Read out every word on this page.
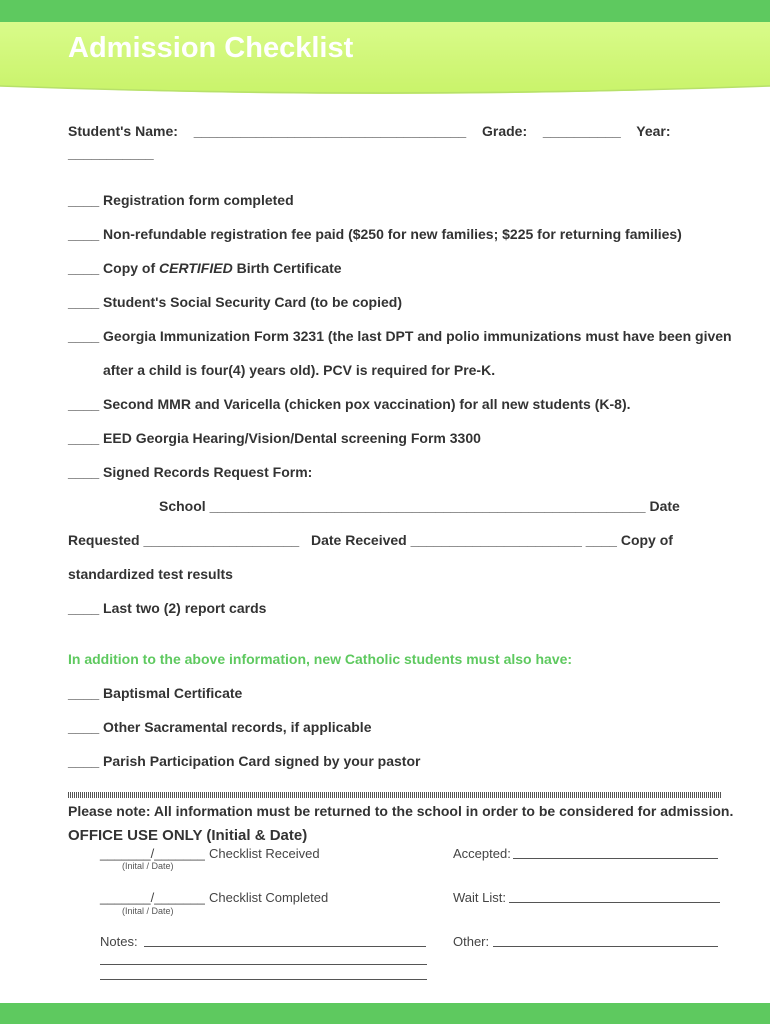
Admission Checklist
Student's Name: ___________________________________ Grade: __________ Year:
___________
____ Registration form completed
____ Non-refundable registration fee paid ($250 for new families; $225 for returning families)
____ Copy of CERTIFIED Birth Certificate
____ Student's Social Security Card (to be copied)
____ Georgia Immunization Form 3231 (the last DPT and polio immunizations must have been given
after a child is four(4) years old). PCV is required for Pre-K.
____ Second MMR and Varicella (chicken pox vaccination) for all new students (K-8).
____ EED Georgia Hearing/Vision/Dental screening Form 3300
____ Signed Records Request Form:
School ________________________________________________________ Date
Requested ____________________ Date Received ______________________ ____ Copy of
standardized test results
____ Last two (2) report cards
In addition to the above information, new Catholic students must also have:
____ Baptismal Certificate
____ Other Sacramental records, if applicable
____ Parish Participation Card signed by your pastor
Please note: All information must be returned to the school in order to be considered for admission.
OFFICE USE ONLY (Initial & Date)
_______/_______ Checklist Received
(Inital / Date)
Accepted:
_______/_______ Checklist Completed
(Inital / Date)
Wait List:
Notes:	Other:
